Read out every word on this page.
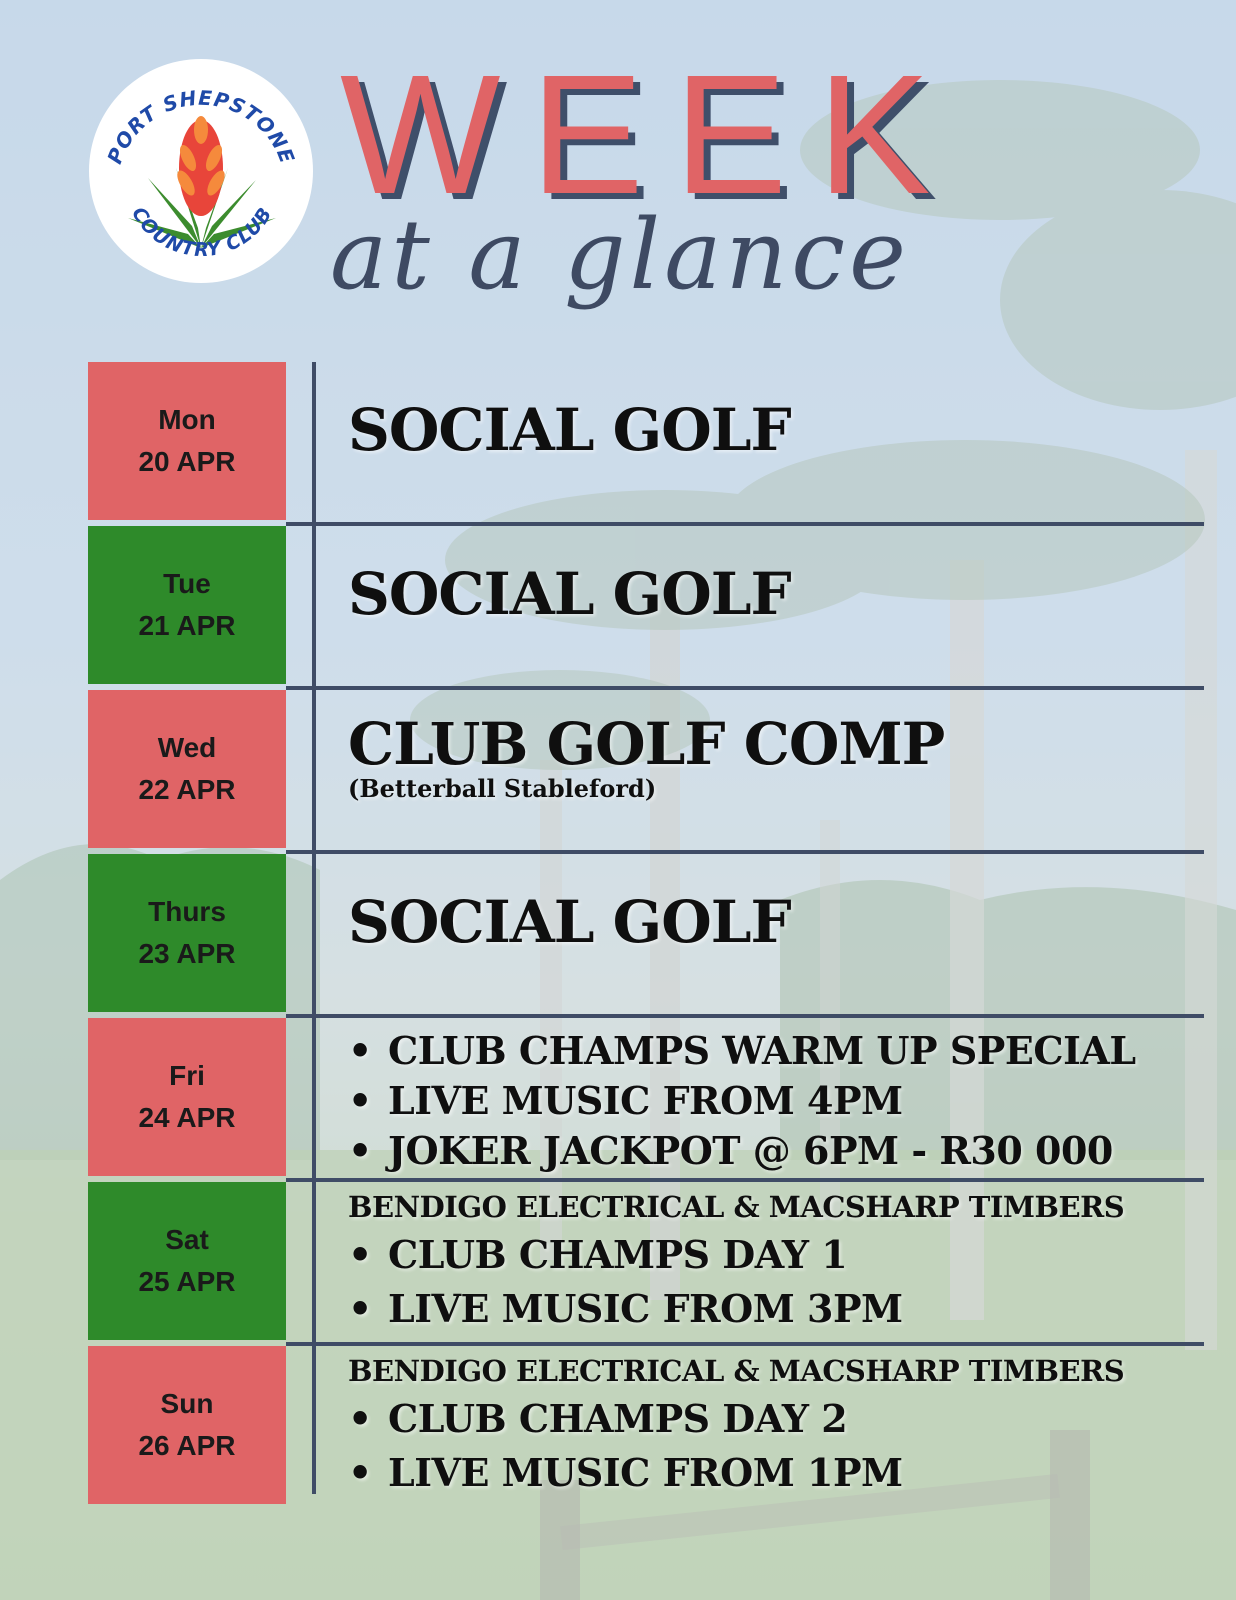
PORT SHEPSTONE
COUNTRY CLUB WEEK
at a glance
Mon
20 APR
Tue
21 APR
Wed
22 APR
Thurs
23 APR
Fri
24 APR
Sat
25 APR
Sun
26 APR
SOCIAL GOLF
SOCIAL GOLF
CLUB GOLF COMP
(Betterball Stableford)
SOCIAL GOLF
• CLUB CHAMPS WARM UP SPECIAL
• LIVE MUSIC FROM 4PM
• JOKER JACKPOT @ 6PM - R30 000
BENDIGO ELECTRICAL & MACSHARP TIMBERS
• CLUB CHAMPS DAY 1
• LIVE MUSIC FROM 3PM
BENDIGO ELECTRICAL & MACSHARP TIMBERS
• CLUB CHAMPS DAY 2
• LIVE MUSIC FROM 1PM
